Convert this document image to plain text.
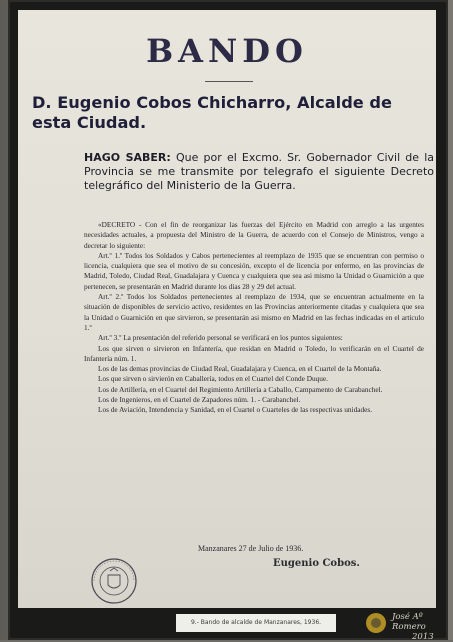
BANDO
D. Eugenio Cobos Chicharro, Alcalde de esta Ciudad.
HAGO SABER: Que por el Excmo. Sr. Gobernador Civil de la Provincia se me transmite por telegrafo el siguiente Decreto telegráfico del Ministerio de la Guerra.

«DECRETO - Con el fin de reorganizar las fuerzas del Ejército en Madrid con arreglo a las urgentes necesidades actuales, a propuesta del Ministro de la Guerra, de acuerdo con el Consejo de Ministros, vengo a decretar lo siguiente:

Art.º 1.º Todos los Soldados y Cabos pertenecientes al reemplazo de 1935 que se encuentran con permiso o licencia, cualquiera que sea el motivo de su concesión, excepto el de licencia por enfermo, en las provincias de Madrid, Toledo, Ciudad Real, Guadalajara y Cuenca y cualquiera que sea asi mismo la Unidad o Guarnición a que pertenecen, se presentarán en Madrid durante los días 28 y 29 del actual.

Art.º 2.º Todos los Soldados pertenecientes al reemplazo de 1934, que se encuentran actualmente en la situación de disponibles de servicio activo, residentes en las Provincias anteriormente citadas y cualquiera que sea la Unidad o Guarnición en que sirvieron, se presentarán asi mismo en Madrid en las fechas indicadas en el artículo 1.º

Art.º 3.º La presentación del referido personal se verificará en los puntos siguientes:

Los que sirven o sirvieron en Infantería, que residan en Madrid o Toledo, lo verificarán en el Cuartel de Infantería núm. 1.

Los de las demas provincias de Ciudad Real, Guadalajara y Cuenca, en el Cuartel de la Montaña.

Los que sirven o sirvierón en Caballería, todos en el Cuartel del Conde Duque.

Los de Artillería, en el Cuartel del Regimiento Artillería a Caballo, Campamento de Carabanchel.

Los de Ingenieros, en el Cuartel de Zapadores núm. 1. - Carabanchel.

Los de Aviación, Intendencia y Sanidad, en el Cuartel o Cuarteles de las respectivas unidades.

Manzanares 27 de Julio de 1936.
Eugenio Cobos.
9.- Bando de alcalde de Manzanares, 1936.
José Aº Romero
2013
